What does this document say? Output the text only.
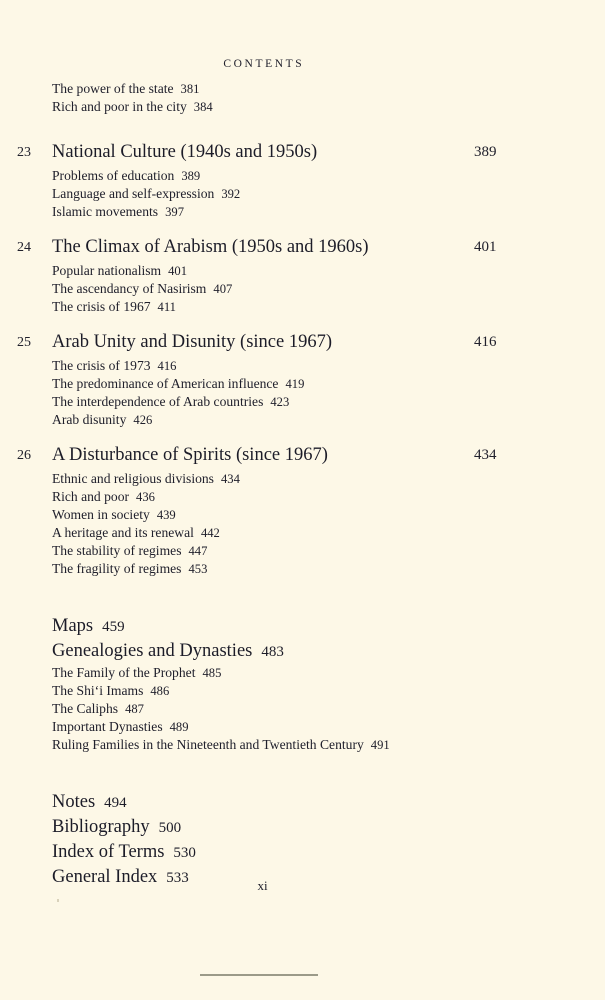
CONTENTS
The power of the state 381
Rich and poor in the city 384
23	National Culture (1940s and 1950s)	389
Problems of education 389
Language and self-expression 392
Islamic movements 397
24	The Climax of Arabism (1950s and 1960s)	401
Popular nationalism 401
The ascendancy of Nasirism 407
The crisis of 1967 411
25	Arab Unity and Disunity (since 1967)	416
The crisis of 1973 416
The predominance of American influence 419
The interdependence of Arab countries 423
Arab disunity 426
26	A Disturbance of Spirits (since 1967)	434
Ethnic and religious divisions 434
Rich and poor 436
Women in society 439
A heritage and its renewal 442
The stability of regimes 447
The fragility of regimes 453
Maps 459
Genealogies and Dynasties 483
The Family of the Prophet 485
The Shiʻi Imams 486
The Caliphs 487
Important Dynasties 489
Ruling Families in the Nineteenth and Twentieth Century 491
Notes 494
Bibliography 500
Index of Terms 530
General Index 533	xi
